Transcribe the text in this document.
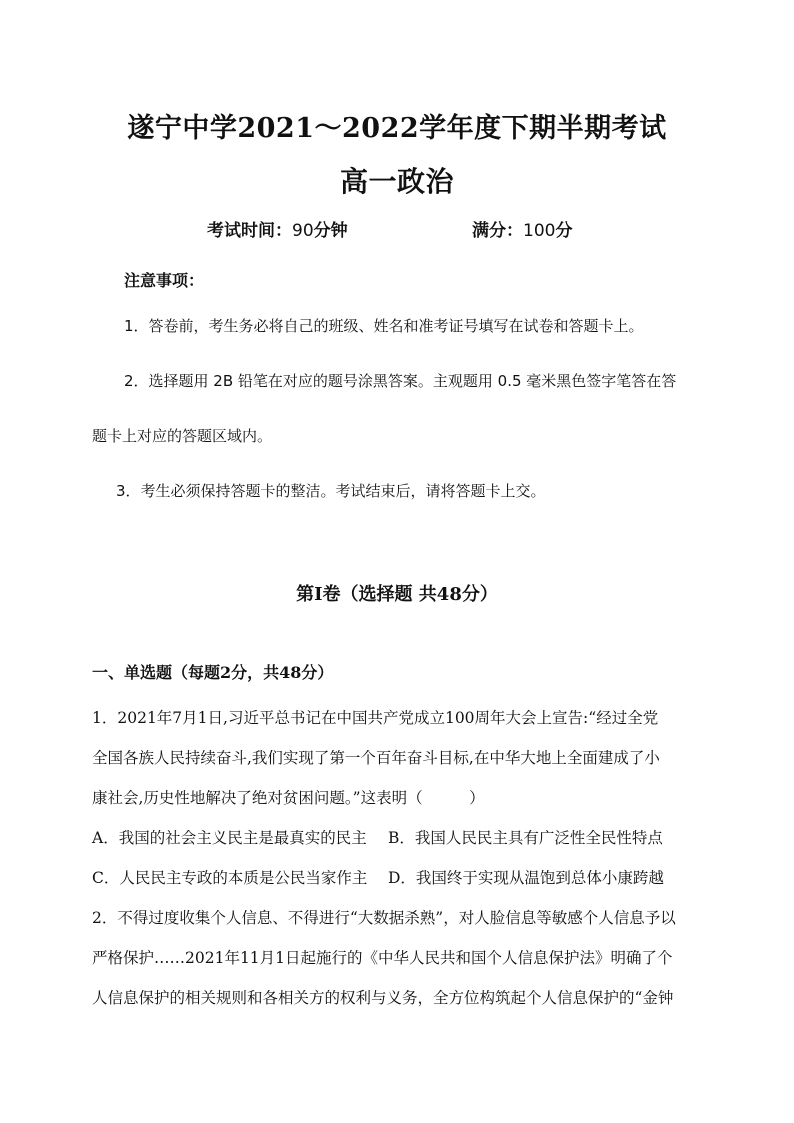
遂宁中学2021～2022学年度下期半期考试
高一政治
考试时间：90分钟	满分：100分
注意事项：
1．答卷前，考生务必将自己的班级、姓名和准考证号填写在试卷和答题卡上。
2．选择题用 2B 铅笔在对应的题号涂黑答案。主观题用 0.5 毫米黑色签字笔答在答
题卡上对应的答题区域内。
3．考生必须保持答题卡的整洁。考试结束后，请将答题卡上交。
第Ⅰ卷（选择题 共48分）
一、单选题（每题2分，共48分）
1．2021年7月1日,习近平总书记在中国共产党成立100周年大会上宣告:“经过全党
全国各族人民持续奋斗,我们实现了第一个百年奋斗目标,在中华大地上全面建成了小
康社会,历史性地解决了绝对贫困问题。”这表明（　　　）
A．我国的社会主义民主是最真实的民主 B．我国人民民主具有广泛性全民性特点
C．人民民主专政的本质是公民当家作主 D．我国终于实现从温饱到总体小康跨越
2．不得过度收集个人信息、不得进行“大数据杀熟”，对人脸信息等敏感个人信息予以
严格保护……2021年11月1日起施行的《中华人民共和国个人信息保护法》明确了个
人信息保护的相关规则和各相关方的权利与义务，全方位构筑起个人信息保护的“金钟
